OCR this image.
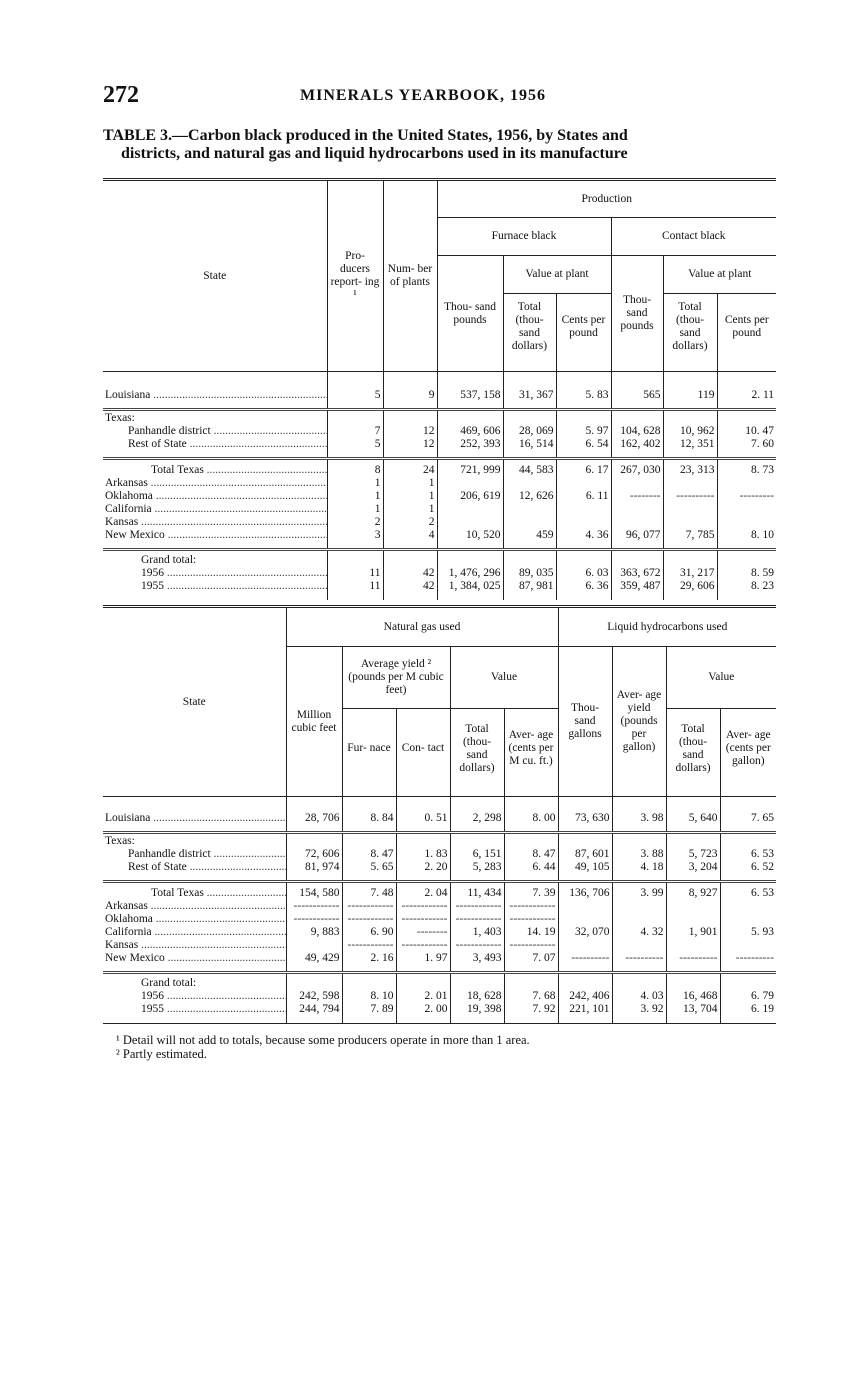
272	MINERALS YEARBOOK, 1956
TABLE 3.—Carbon black produced in the United States, 1956, by States and
districts, and natural gas and liquid hydrocarbons used in its manufacture
State	Pro- ducers report- ing ¹	Num- ber of plants	Production					
			Furnace black			Contact black		
			Thou- sand pounds	Value at plant		Thou- sand pounds	Value at plant	
				Total (thou- sand dollars)	Cents per pound		Total (thou- sand dollars)	Cents per pound

Louisiana .....	5	9	537, 158	31, 367	5. 83	565	119	2. 11

Texas:								
Panhandle district .....	7	12	469, 606	28, 069	5. 97	104, 628	10, 962	10. 47
Rest of State .....	5	12	252, 393	16, 514	6. 54	162, 402	12, 351	7. 60

Total Texas .....	8	24	721, 999	44, 583	6. 17	267, 030	23, 313	8. 73
Arkansas .....	1	1						
Oklahoma .....	1	1	206, 619	12, 626	6. 11	--------	----------	---------
California .....	1	1						
Kansas .....	2	2						
New Mexico .....	3	4	10, 520	459	4. 36	96, 077	7, 785	8. 10

Grand total:								
1956 .....	11	42	1, 476, 296	89, 035	6. 03	363, 672	31, 217	8. 59
1955 .....	11	42	1, 384, 025	87, 981	6. 36	359, 487	29, 606	8. 23
State	Natural gas used					Liquid hydrocarbons used			
	Million cubic feet	Average yield ² (pounds per M cubic feet)		Value		Thou- sand gallons	Aver- age yield (pounds per gallon)	Value	
		Fur- nace	Con- tact	Total (thou- sand dollars)	Aver- age (cents per M cu. ft.)			Total (thou- sand dollars)	Aver- age (cents per gallon)

Louisiana .....	28, 706	8. 84	0. 51	2, 298	8. 00	73, 630	3. 98	5, 640	7. 65

Texas:									
Panhandle district .....	72, 606	8. 47	1. 83	6, 151	8. 47	87, 601	3. 88	5, 723	6. 53
Rest of State .....	81, 974	5. 65	2. 20	5, 283	6. 44	49, 105	4. 18	3, 204	6. 52

Total Texas .....	154, 580	7. 48	2. 04	11, 434	7. 39	136, 706	3. 99	8, 927	6. 53
Arkansas .....	------------	------------	------------	------------	------------				
Oklahoma .....	------------	------------	------------	------------	------------				
California .....	9, 883	6. 90	--------	1, 403	14. 19	32, 070	4. 32	1, 901	5. 93
Kansas .....		------------	------------	------------	------------				
New Mexico .....	49, 429	2. 16	1. 97	3, 493	7. 07	----------	----------	----------	----------

Grand total:									
1956 .....	242, 598	8. 10	2. 01	18, 628	7. 68	242, 406	4. 03	16, 468	6. 79
1955 .....	244, 794	7. 89	2. 00	19, 398	7. 92	221, 101	3. 92	13, 704	6. 19
¹ Detail will not add to totals, because some producers operate in more than 1 area.
² Partly estimated.
